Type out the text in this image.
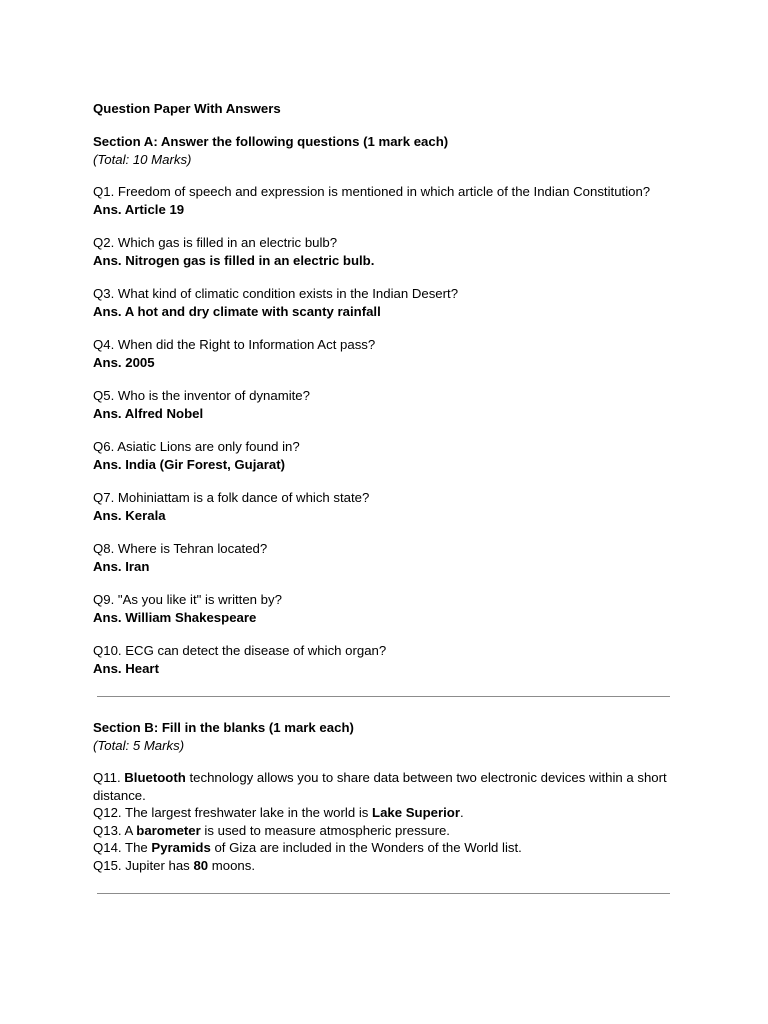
Question Paper With Answers
Section A: Answer the following questions (1 mark each)
(Total: 10 Marks)
Q1. Freedom of speech and expression is mentioned in which article of the Indian Constitution?
Ans. Article 19
Q2. Which gas is filled in an electric bulb?
Ans. Nitrogen gas is filled in an electric bulb.
Q3. What kind of climatic condition exists in the Indian Desert?
Ans. A hot and dry climate with scanty rainfall
Q4. When did the Right to Information Act pass?
Ans. 2005
Q5. Who is the inventor of dynamite?
Ans. Alfred Nobel
Q6. Asiatic Lions are only found in?
Ans. India (Gir Forest, Gujarat)
Q7. Mohiniattam is a folk dance of which state?
Ans. Kerala
Q8. Where is Tehran located?
Ans. Iran
Q9. "As you like it" is written by?
Ans. William Shakespeare
Q10. ECG can detect the disease of which organ?
Ans. Heart
Section B: Fill in the blanks (1 mark each)
(Total: 5 Marks)
Q11. Bluetooth technology allows you to share data between two electronic devices within a short distance.
Q12. The largest freshwater lake in the world is Lake Superior.
Q13. A barometer is used to measure atmospheric pressure.
Q14. The Pyramids of Giza are included in the Wonders of the World list.
Q15. Jupiter has 80 moons.
